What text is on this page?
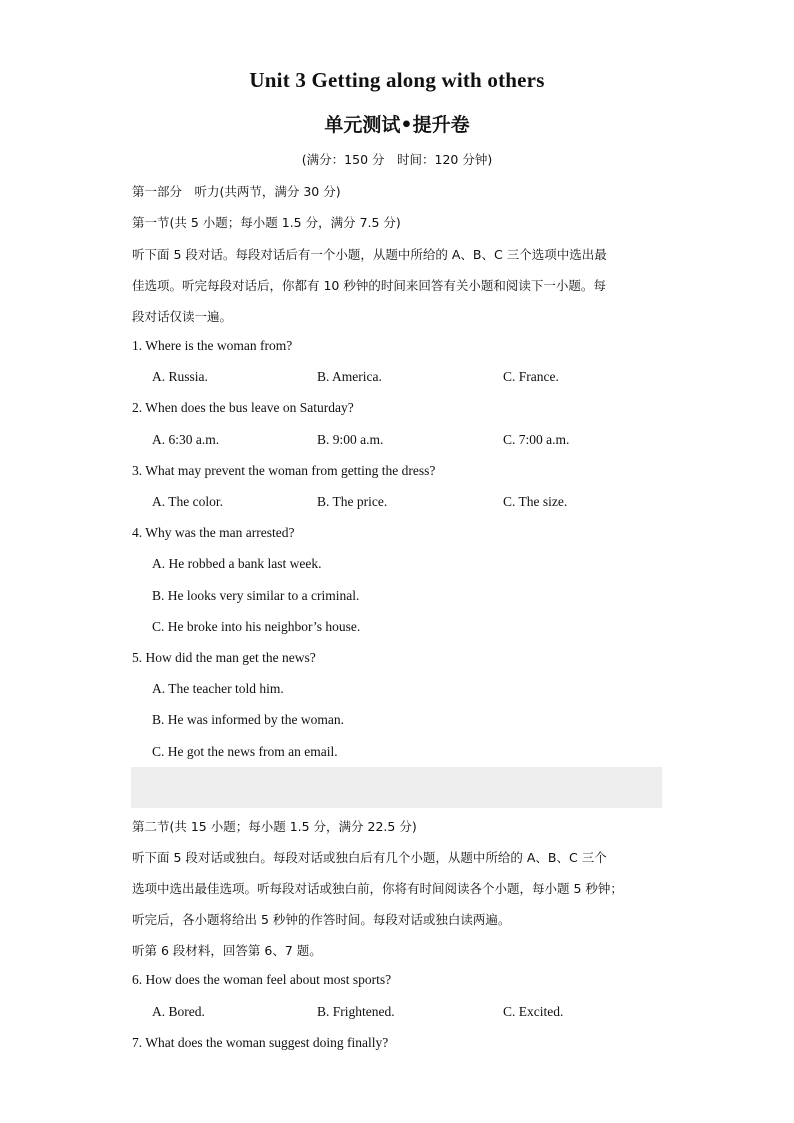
Unit 3 Getting along with others
单元测试•提升卷
(满分：150 分　时间：120 分钟)
第一部分　听力(共两节，满分 30 分)
第一节(共 5 小题；每小题 1.5 分，满分 7.5 分)
听下面 5 段对话。每段对话后有一个小题，从题中所给的 A、B、C 三个选项中选出最
佳选项。听完每段对话后，你都有 10 秒钟的时间来回答有关小题和阅读下一小题。每
段对话仅读一遍。
1. Where is the woman from?
A. Russia.	B. America.	C. France.
2. When does the bus leave on Saturday?
A. 6:30 a.m.	B. 9:00 a.m.	C. 7:00 a.m.
3. What may prevent the woman from getting the dress?
A. The color.	B. The price.	C. The size.
4. Why was the man arrested?
A. He robbed a bank last week.
B. He looks very similar to a criminal.
C. He broke into his neighbor’s house.
5. How did the man get the news?
A. The teacher told him.
B. He was informed by the woman.
C. He got the news from an email.
第二节(共 15 小题；每小题 1.5 分，满分 22.5 分)
听下面 5 段对话或独白。每段对话或独白后有几个小题，从题中所给的 A、B、C 三个
选项中选出最佳选项。听每段对话或独白前，你将有时间阅读各个小题，每小题 5 秒钟；
听完后，各小题将给出 5 秒钟的作答时间。每段对话或独白读两遍。
听第 6 段材料，回答第 6、7 题。
6. How does the woman feel about most sports?
A. Bored.	B. Frightened.	C. Excited.
7. What does the woman suggest doing finally?
